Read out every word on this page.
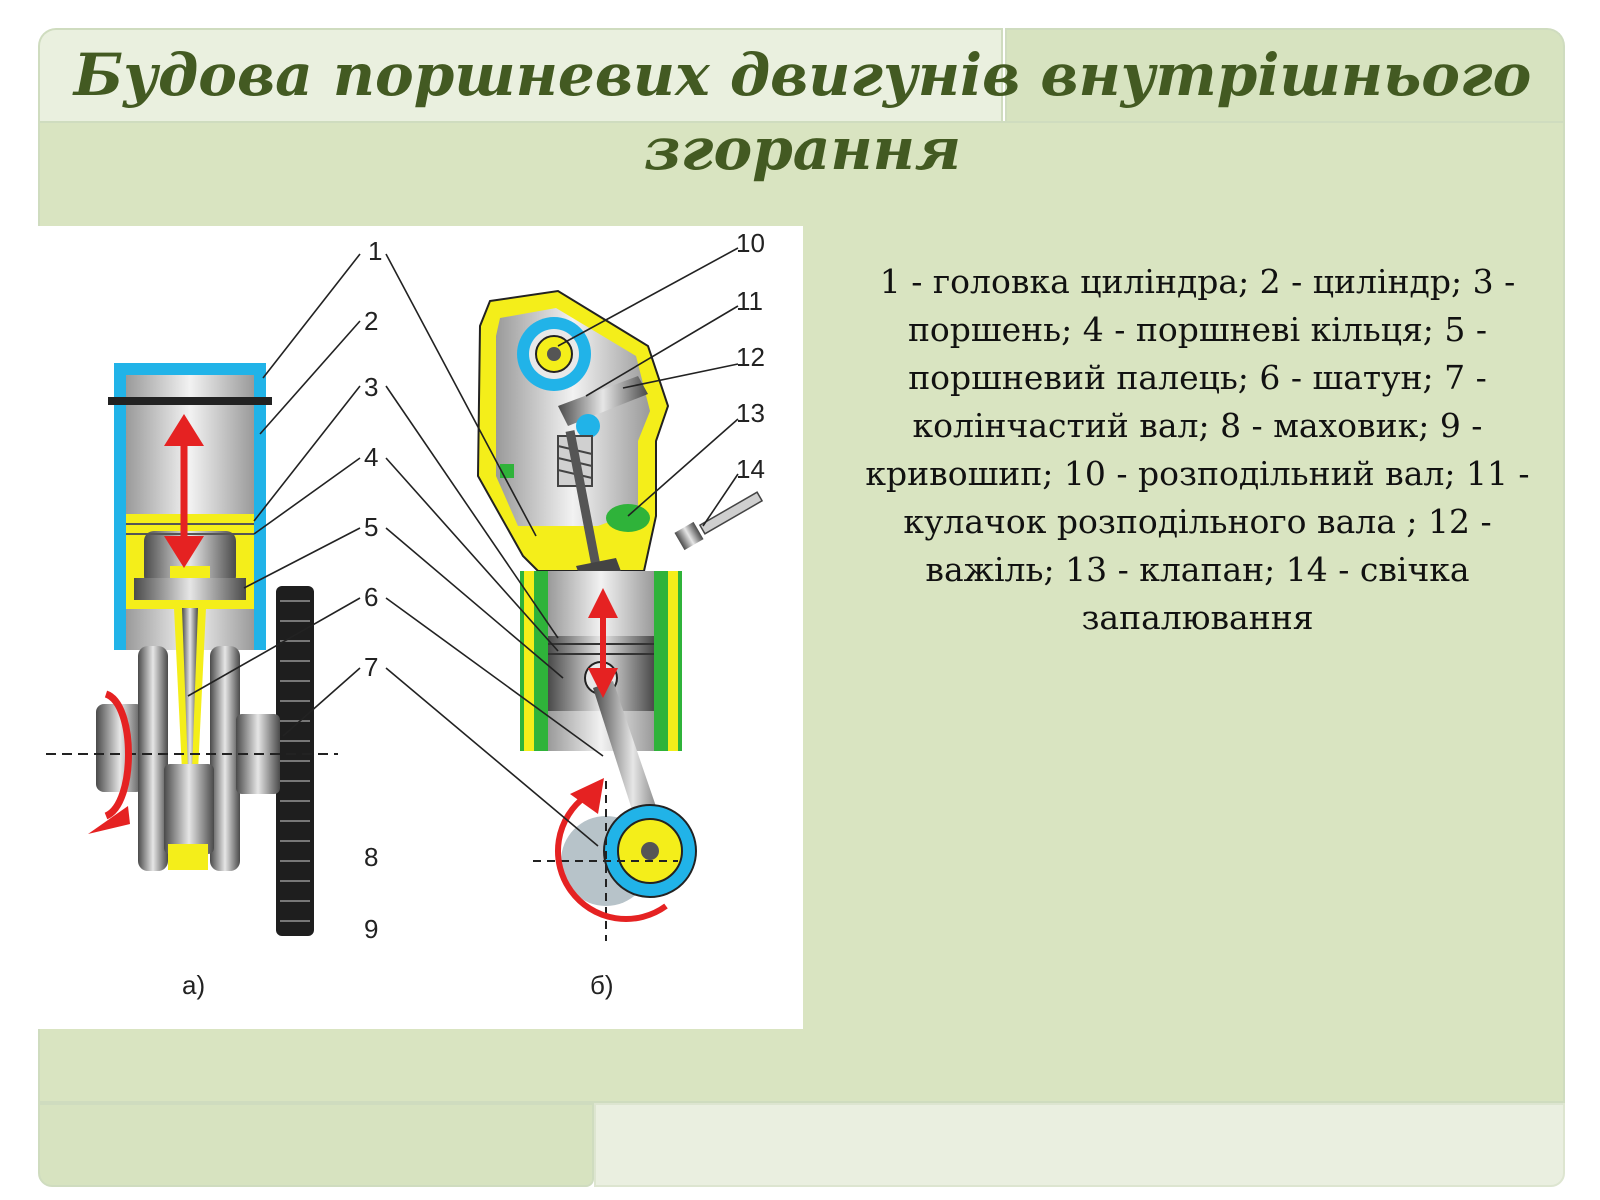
Будова поршневих двигунів внутрішнього згорання
1
2
3
4
5
6
7
8
9
10
11
12
13
14
а)	б)

1 - головка циліндра; 2 - циліндр; 3 - поршень; 4 - поршневі кільця; 5 - поршневий палець; 6 - шатун; 7 - колінчастий вал; 8 - маховик; 9 - кривошип; 10 - розподільний вал; 11 - кулачок розподільного вала ; 12 - важіль; 13 - клапан; 14 - свічка запалювання
